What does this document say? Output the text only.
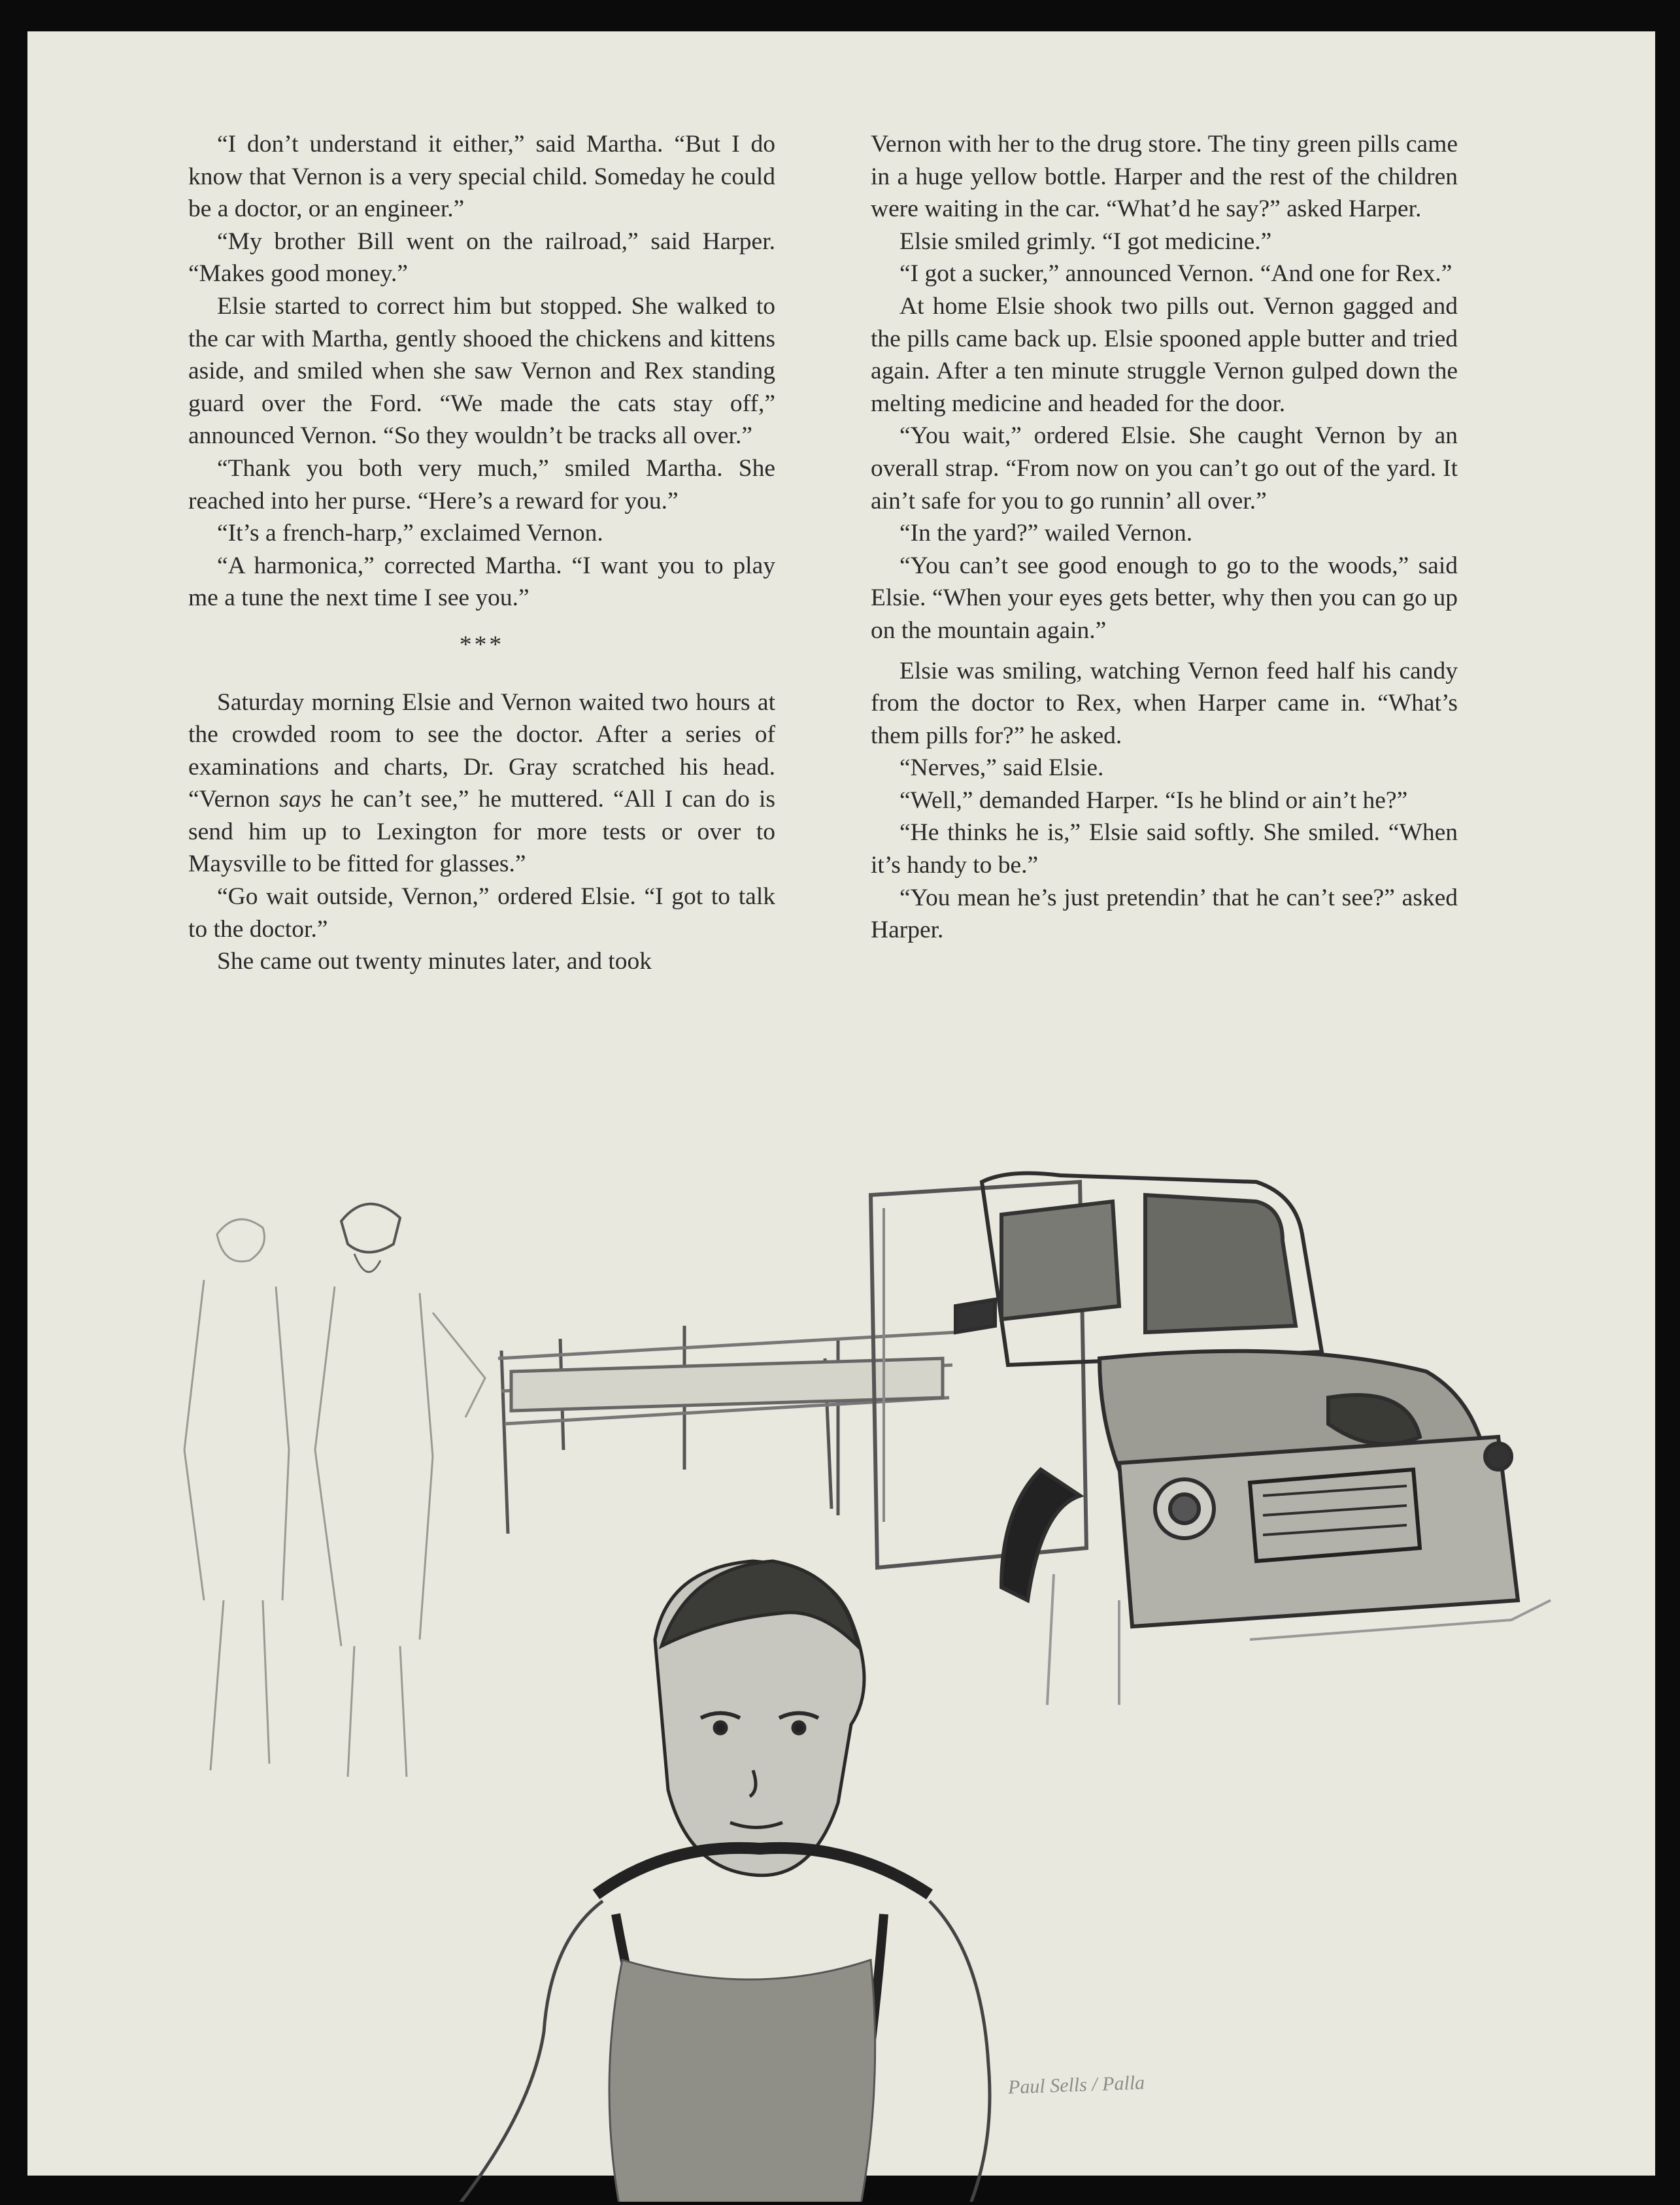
“I don’t understand it either,” said Martha. “But I do know that Vernon is a very special child. Someday he could be a doctor, or an engineer.”

“My brother Bill went on the railroad,” said Harper. “Makes good money.”

Elsie started to correct him but stopped. She walked to the car with Martha, gently shooed the chickens and kittens aside, and smiled when she saw Vernon and Rex standing guard over the Ford. “We made the cats stay off,” announced Vernon. “So they wouldn’t be tracks all over.”

“Thank you both very much,” smiled Martha. She reached into her purse. “Here’s a reward for you.”

“It’s a french-harp,” exclaimed Vernon.

“A harmonica,” corrected Martha. “I want you to play me a tune the next time I see you.”

***

Saturday morning Elsie and Vernon waited two hours at the crowded room to see the doctor. After a series of examinations and charts, Dr. Gray scratched his head. “Vernon says he can’t see,” he muttered. “All I can do is send him up to Lexington for more tests or over to Maysville to be fitted for glasses.”

“Go wait outside, Vernon,” ordered Elsie. “I got to talk to the doctor.”

She came out twenty minutes later, and took

Vernon with her to the drug store. The tiny green pills came in a huge yellow bottle. Harper and the rest of the children were waiting in the car. “What’d he say?” asked Harper.

Elsie smiled grimly. “I got medicine.”

“I got a sucker,” announced Vernon. “And one for Rex.”

At home Elsie shook two pills out. Vernon gagged and the pills came back up. Elsie spooned apple butter and tried again. After a ten minute struggle Vernon gulped down the melting medicine and headed for the door.

“You wait,” ordered Elsie. She caught Vernon by an overall strap. “From now on you can’t go out of the yard. It ain’t safe for you to go runnin’ all over.”

“In the yard?” wailed Vernon.

“You can’t see good enough to go to the woods,” said Elsie. “When your eyes gets better, why then you can go up on the mountain again.”

Elsie was smiling, watching Vernon feed half his candy from the doctor to Rex, when Harper came in. “What’s them pills for?” he asked.

“Nerves,” said Elsie.

“Well,” demanded Harper. “Is he blind or ain’t he?”

“He thinks he is,” Elsie said softly. She smiled. “When it’s handy to be.”

“You mean he’s just pretendin’ that he can’t see?” asked Harper.

Paul Sells / Palla
